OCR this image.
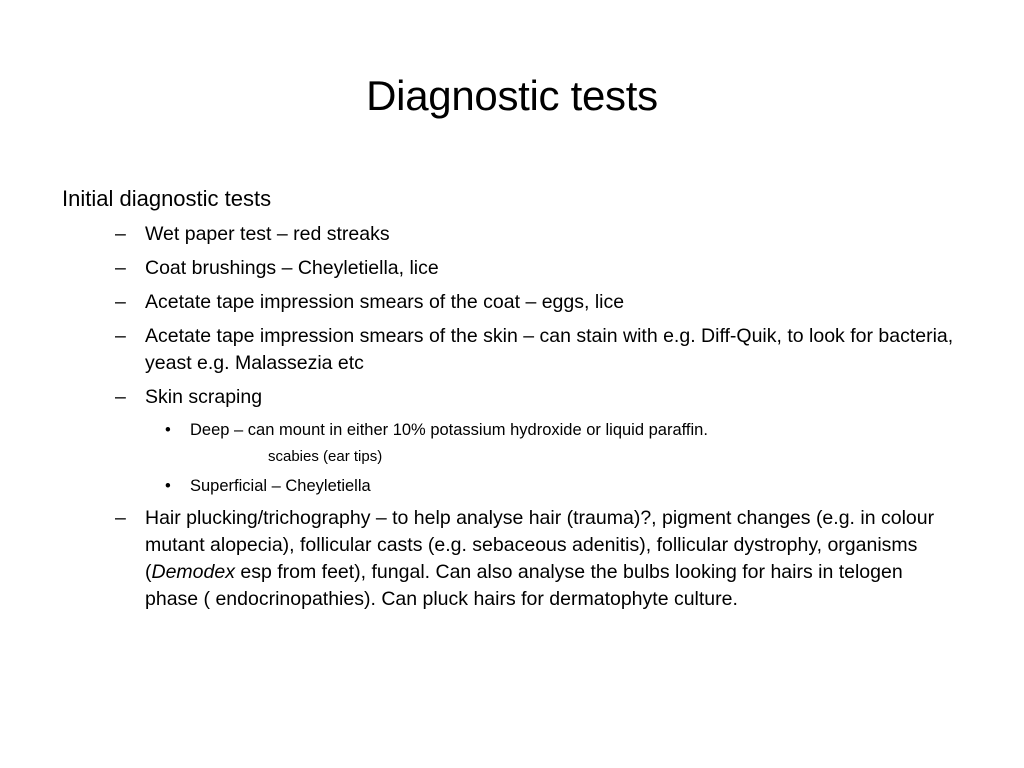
Diagnostic tests
Initial diagnostic tests
– Wet paper test – red streaks
– Coat brushings – Cheyletiella, lice
– Acetate tape impression smears of the coat – eggs, lice
– Acetate tape impression smears of the skin – can stain with e.g. Diff-Quik, to look for bacteria, yeast e.g. Malassezia etc
– Skin scraping
• Deep – can mount in either 10% potassium hydroxide or liquid paraffin.
scabies (ear tips)
• Superficial – Cheyletiella
– Hair plucking/trichography – to help analyse hair (trauma)?, pigment changes (e.g. in colour mutant alopecia), follicular casts (e.g. sebaceous adenitis), follicular dystrophy, organisms (Demodex esp from feet), fungal. Can also analyse the bulbs looking for hairs in telogen phase ( endocrinopathies). Can pluck hairs for dermatophyte culture.
